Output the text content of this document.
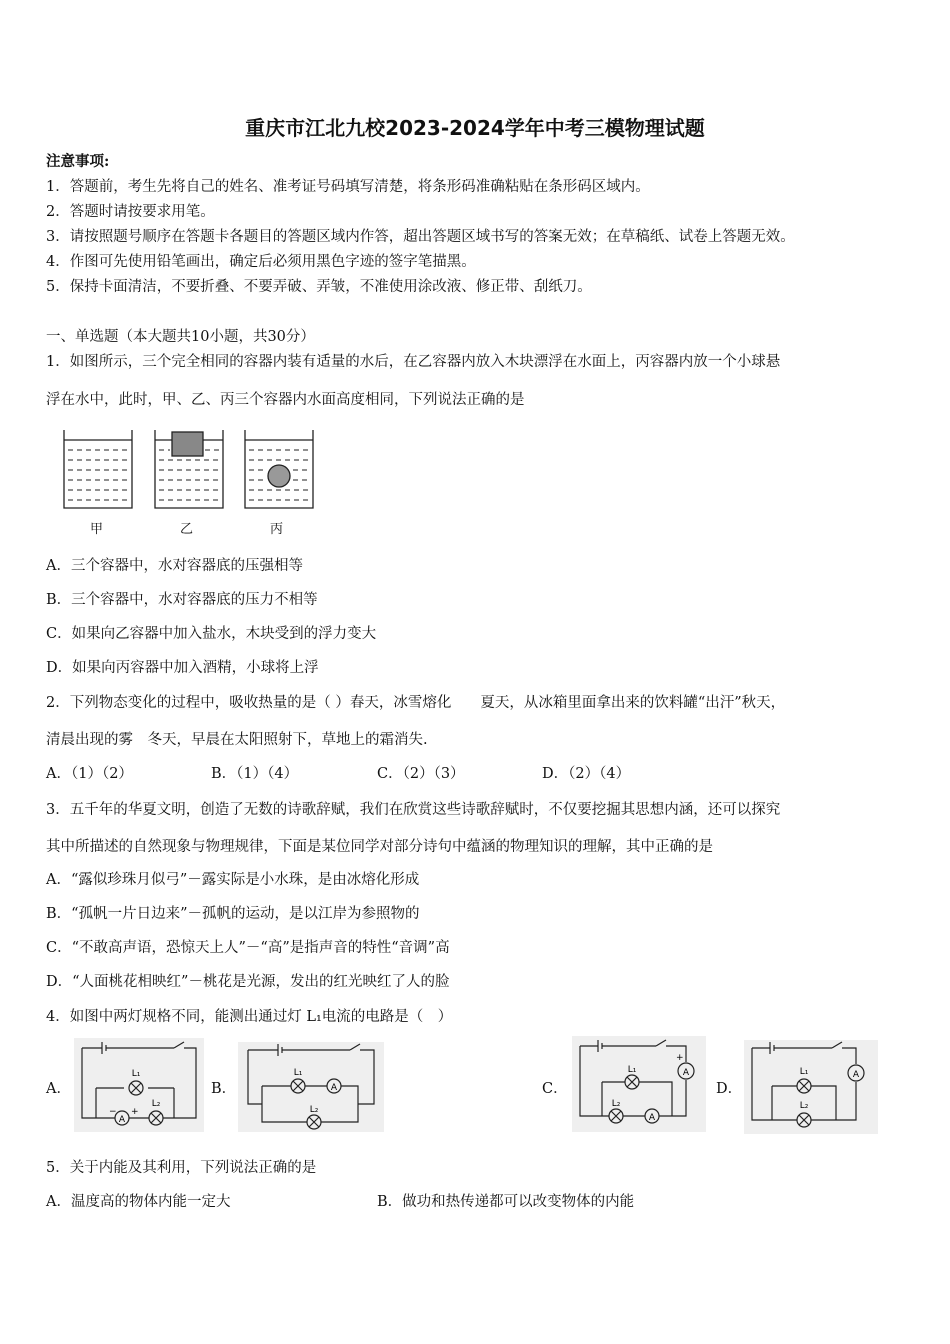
重庆市江北九校2023-2024学年中考三模物理试题
注意事项:
1．答题前，考生先将自己的姓名、准考证号码填写清楚，将条形码准确粘贴在条形码区域内。
2．答题时请按要求用笔。
3．请按照题号顺序在答题卡各题目的答题区域内作答，超出答题区域书写的答案无效；在草稿纸、试卷上答题无效。
4．作图可先使用铅笔画出，确定后必须用黑色字迹的签字笔描黑。
5．保持卡面清洁，不要折叠、不要弄破、弄皱，不准使用涂改液、修正带、刮纸刀。
一、单选题（本大题共10小题，共30分）
1．如图所示，三个完全相同的容器内装有适量的水后，在乙容器内放入木块漂浮在水面上，丙容器内放一个小球悬
浮在水中，此时，甲、乙、丙三个容器内水面高度相同，下列说法正确的是
甲	乙	丙
A．三个容器中，水对容器底的压强相等
B．三个容器中，水对容器底的压力不相等
C．如果向乙容器中加入盐水，木块受到的浮力变大
D．如果向丙容器中加入酒精，小球将上浮
2．下列物态变化的过程中，吸收热量的是（ ）春天，冰雪熔化　　夏天，从冰箱里面拿出来的饮料罐“出汗”秋天，
清晨出现的雾　冬天，早晨在太阳照射下，草地上的霜消失.
A．（1）（2）	B．（1）（4）	C．（2）（3）	D．（2）（4）
3．五千年的华夏文明，创造了无数的诗歌辞赋，我们在欣赏这些诗歌辞赋时，不仅要挖掘其思想内涵，还可以探究
其中所描述的自然现象与物理规律，下面是某位同学对部分诗句中蕴涵的物理知识的理解，其中正确的是
A．“露似珍珠月似弓”－露实际是小水珠，是由冰熔化形成
B．“孤帆一片日边来”－孤帆的运动，是以江岸为参照物的
C．“不敢高声语，恐惊天上人”－“高”是指声音的特性“音调”高
D．“人面桃花相映红”－桃花是光源，发出的红光映红了人的脸
4．如图中两灯规格不同，能测出通过灯 L₁电流的电路是（　）
A．	B．	C．	D．
L₁
L₂
A
− +
L₁
L₂
A
L₁
L₂
A
A
+
L₁
L₂
A
5．关于内能及其利用，下列说法正确的是
A．温度高的物体内能一定大	B．做功和热传递都可以改变物体的内能
